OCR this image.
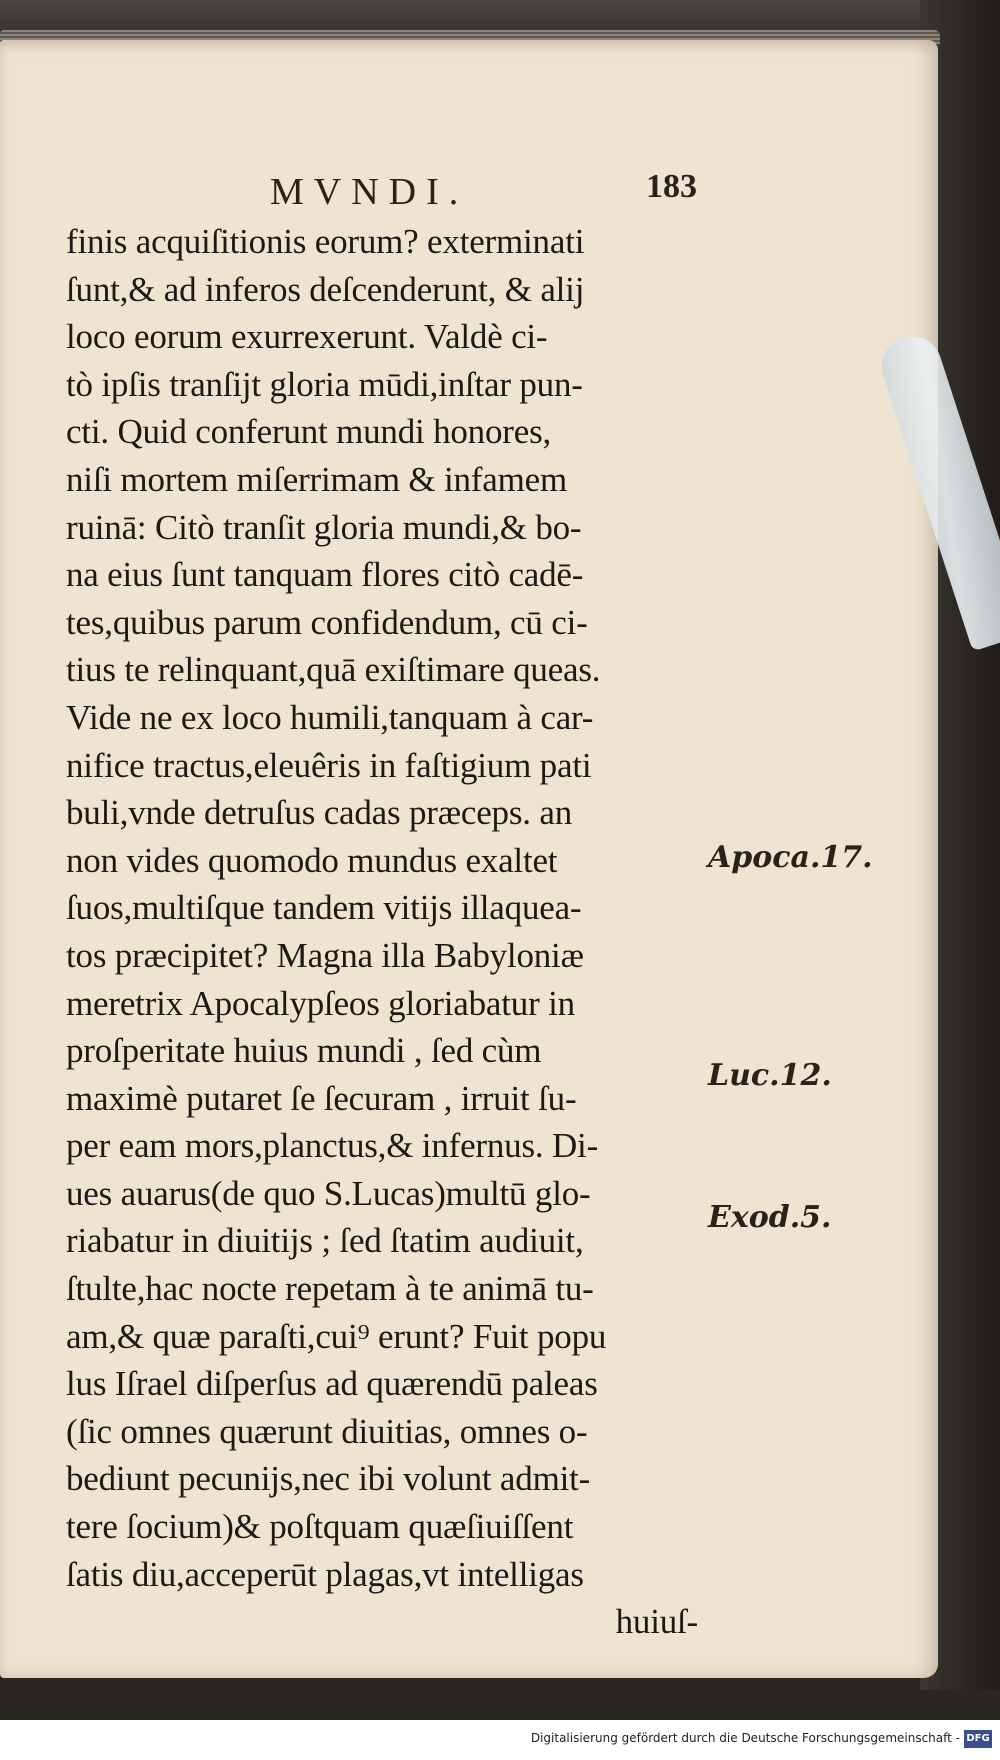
MVNDI.	183
finis acquiſitionis eorum? exterminati
ſunt,& ad inferos deſcenderunt, & alij
loco eorum exurrexerunt. Valdè ci-
tò ipſis tranſijt gloria mūdi,inſtar pun-
cti. Quid conferunt mundi honores,
niſi mortem miſerrimam & infamem
ruinā: Citò tranſit gloria mundi,& bo-
na eius ſunt tanquam flores citò cadē-
tes,quibus parum confidendum, cū ci-
tius te relinquant,quā exiſtimare queas.
Vide ne ex loco humili,tanquam à car-
nifice tractus,eleuêris in faſtigium pati
buli,vnde detruſus cadas præceps. an
non vides quomodo mundus exaltet
ſuos,multiſque tandem vitijs illaquea-
tos præcipitet? Magna illa Babyloniæ
meretrix Apocalypſeos gloriabatur in
proſperitate huius mundi , ſed cùm
maximè putaret ſe ſecuram , irruit ſu-
per eam mors,planctus,& infernus. Di-
ues auarus(de quo S.Lucas)multū glo-
riabatur in diuitijs ; ſed ſtatim audiuit,
ſtulte,hac nocte repetam à te animā tu-
am,& quæ paraſti,cui⁹ erunt? Fuit popu
lus Iſrael diſperſus ad quærendū paleas
(ſic omnes quærunt diuitias, omnes o-
bediunt pecunijs,nec ibi volunt admit-
tere ſocium)& poſtquam quæſiuiſſent
ſatis diu,acceperūt plagas,vt intelligas
huiuſ-
Apoca.17.
Luc.12.
Exod.5.
Digitalisierung gefördert durch die Deutsche Forschungsgemeinschaft - DFG
